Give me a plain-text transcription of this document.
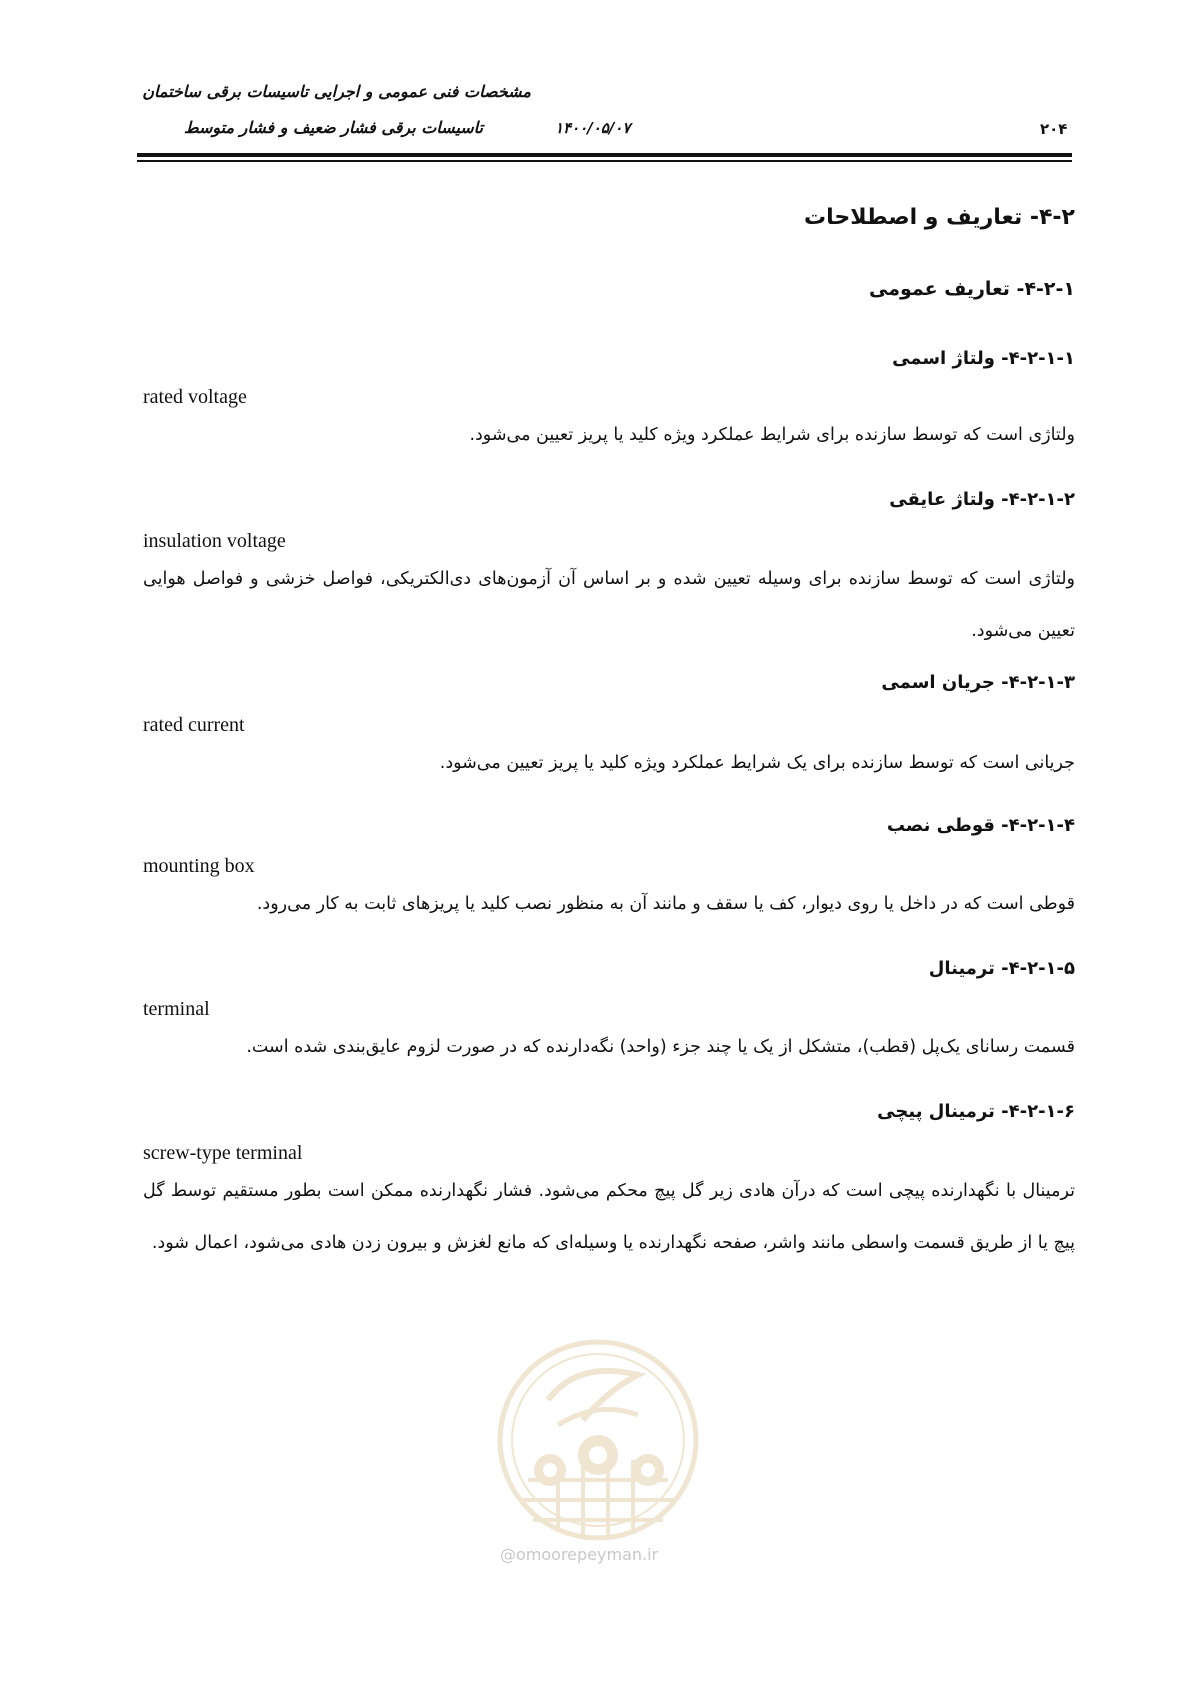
مشخصات فنی عمومی و اجرایی تاسیسات برقی ساختمان
تاسیسات برقی فشار ضعیف و فشار متوسط	۱۴۰۰/۰۵/۰۷	۲۰۴
۴-۲- تعاریف و اصطلاحات
۴-۲-۱- تعاریف عمومی
۴-۲-۱-۱- ولتاژ اسمی
rated voltage
ولتاژی است که توسط سازنده برای شرایط عملکرد ویژه کلید یا پریز تعیین می‌شود.
۴-۲-۱-۲- ولتاژ عایقی
insulation voltage
ولتاژی است که توسط سازنده برای وسیله تعیین شده و بر اساس آن آزمون‌های دی‌الکتریکی، فواصل خزشی و فواصل هوایی تعیین می‌شود.
۴-۲-۱-۳- جریان اسمی
rated current
جریانی است که توسط سازنده برای یک شرایط عملکرد ویژه کلید یا پریز تعیین می‌شود.
۴-۲-۱-۴- قوطی نصب
mounting box
قوطی است که در داخل یا روی دیوار، کف یا سقف و مانند آن به منظور نصب کلید یا پریزهای ثابت به کار می‌رود.
۴-۲-۱-۵- ترمینال
terminal
قسمت رسانای یک‌پل (قطب)، متشکل از یک یا چند جزء (واحد) نگه‌دارنده که در صورت لزوم عایق‌بندی شده است.
۴-۲-۱-۶- ترمینال پیچی
screw-type terminal
ترمینال با نگهدارنده پیچی است که درآن هادی زیر گل پیچ محکم می‌شود. فشار نگهدارنده ممکن است بطور مستقیم توسط گل پیچ یا از طریق قسمت واسطی مانند واشر، صفحه نگهدارنده یا وسیله‌ای که مانع لغزش و بیرون زدن هادی می‌شود، اعمال شود.
@omoorepeyman.ir
